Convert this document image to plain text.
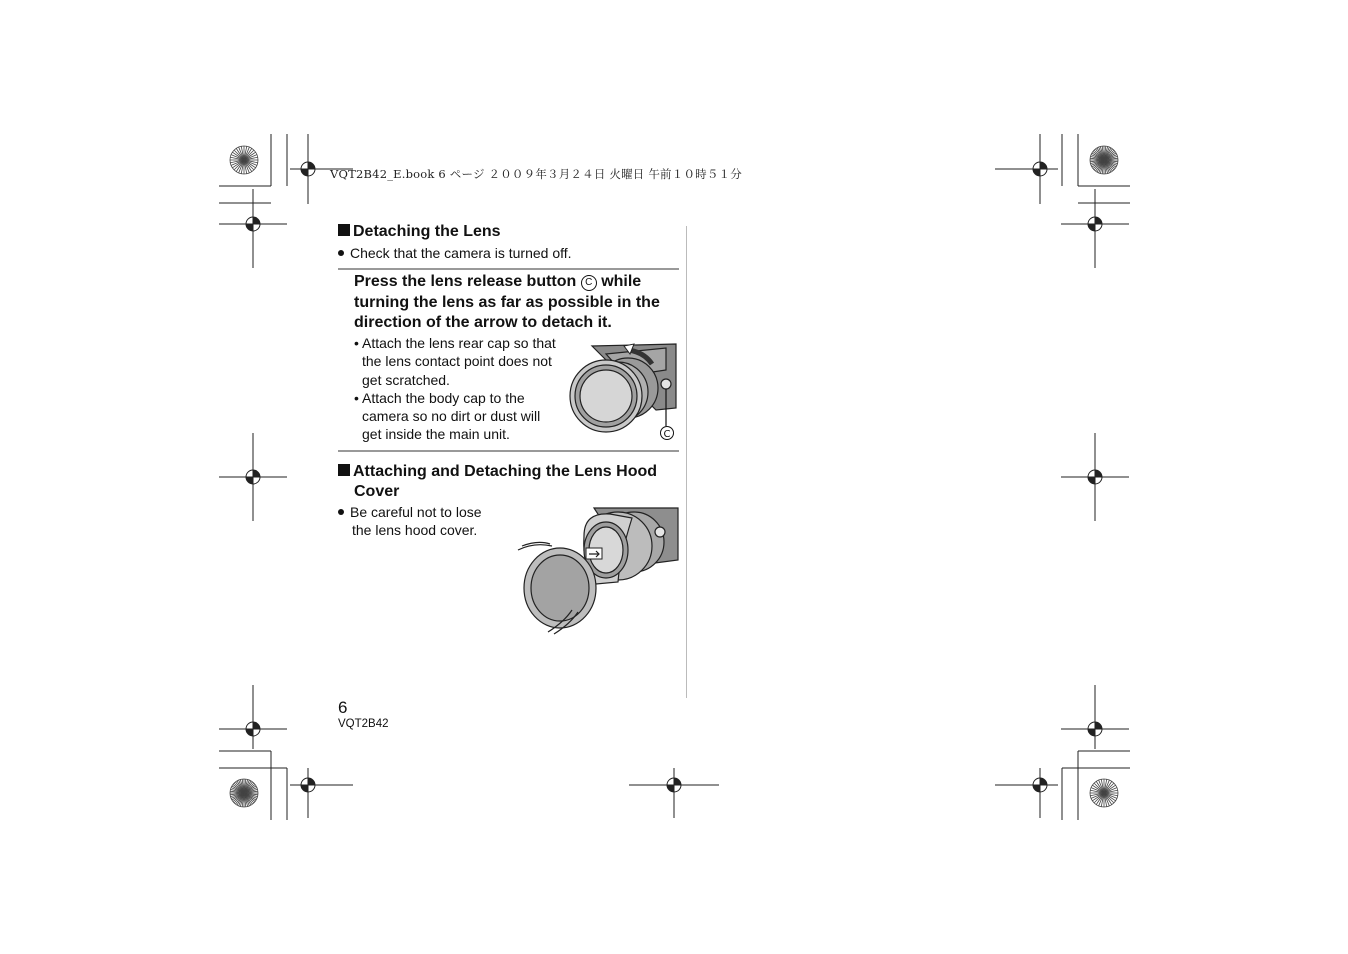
VQT2B42_E.book 6 ページ ２００９年３月２４日 火曜日 午前１０時５１分
Detaching the Lens
Check that the camera is turned off.
Press the lens release button C while turning the lens as far as possible in the direction of the arrow to detach it.
• Attach the lens rear cap so that the lens contact point does not get scratched.
• Attach the body cap to the camera so no dirt or dust will get inside the main unit.	C
Attaching and Detaching the Lens Hood
Cover
Be careful not to lose
the lens hood cover.
6
VQT2B42
